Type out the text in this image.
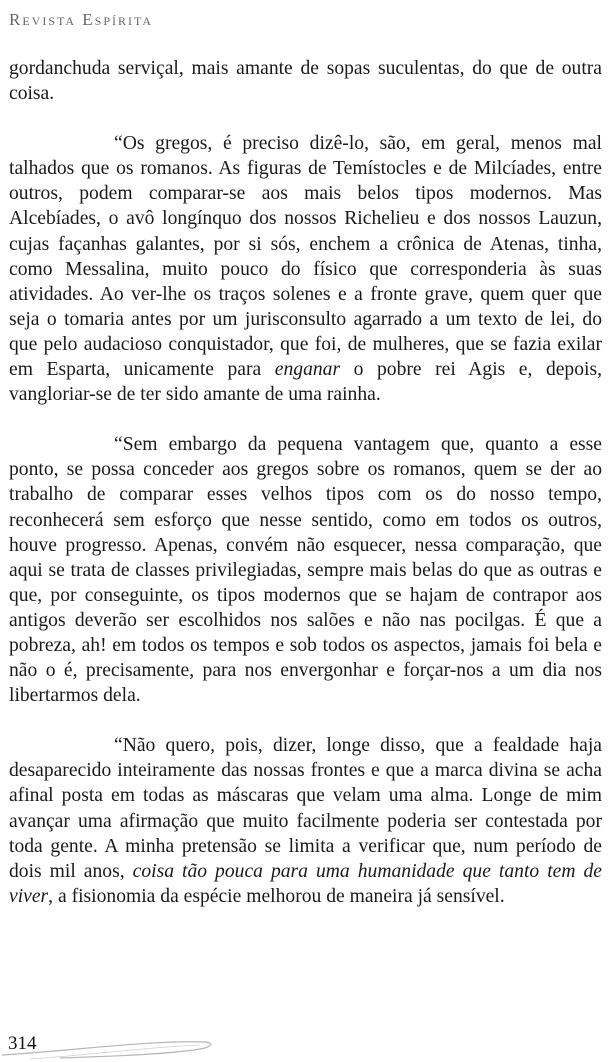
Revista Espírita

gordanchuda serviçal, mais amante de sopas suculentas, do que de outra coisa.

“Os gregos, é preciso dizê-lo, são, em geral, menos mal talhados que os romanos. As figuras de Temístocles e de Milcíades, entre outros, podem comparar-se aos mais belos tipos modernos. Mas Alcebíades, o avô longínquo dos nossos Richelieu e dos nossos Lauzun, cujas façanhas galantes, por si sós, enchem a crônica de Atenas, tinha, como Messalina, muito pouco do físico que corresponderia às suas atividades. Ao ver-lhe os traços solenes e a fronte grave, quem quer que seja o tomaria antes por um jurisconsulto agarrado a um texto de lei, do que pelo audacioso conquistador, que foi, de mulheres, que se fazia exilar em Esparta, unicamente para enganar o pobre rei Agis e, depois, vangloriar-se de ter sido amante de uma rainha.

“Sem embargo da pequena vantagem que, quanto a esse ponto, se possa conceder aos gregos sobre os romanos, quem se der ao trabalho de comparar esses velhos tipos com os do nosso tempo, reconhecerá sem esforço que nesse sentido, como em todos os outros, houve progresso. Apenas, convém não esquecer, nessa comparação, que aqui se trata de classes privilegiadas, sempre mais belas do que as outras e que, por conseguinte, os tipos modernos que se hajam de contrapor aos antigos deverão ser escolhidos nos salões e não nas pocilgas. É que a pobreza, ah! em todos os tempos e sob todos os aspectos, jamais foi bela e não o é, precisamente, para nos envergonhar e forçar-nos a um dia nos libertarmos dela.

“Não quero, pois, dizer, longe disso, que a fealdade haja desaparecido inteiramente das nossas frontes e que a marca divina se acha afinal posta em todas as máscaras que velam uma alma. Longe de mim avançar uma afirmação que muito facilmente poderia ser contestada por toda gente. A minha pretensão se limita a verificar que, num período de dois mil anos, coisa tão pouca para uma humanidade que tanto tem de viver, a fisionomia da espécie melhorou de maneira já sensível.

314
